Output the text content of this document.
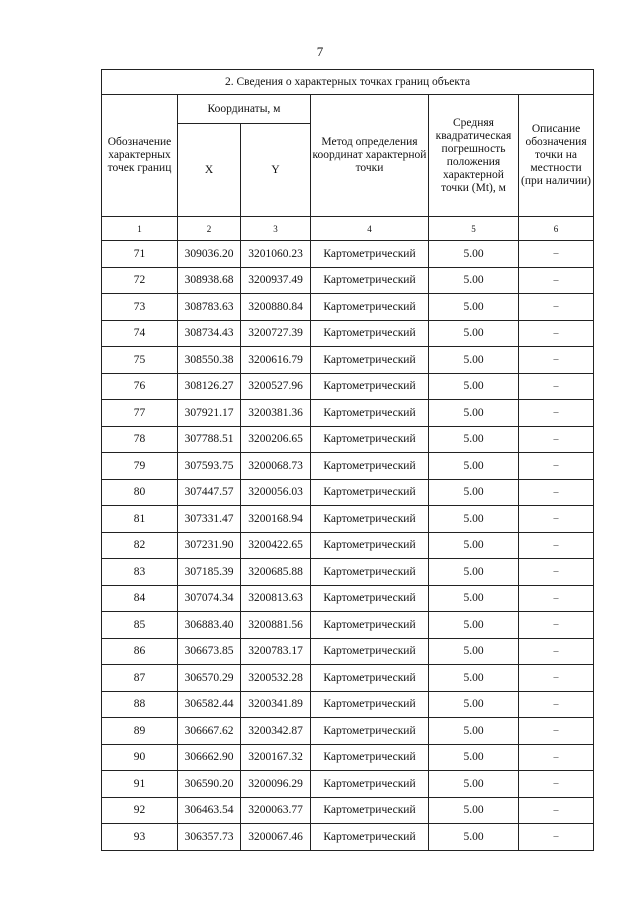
7
2. Сведения о характерных точках границ объекта					
Обозначение характерных точек границ	Координаты, м		Метод определения координат характерной точки	Средняя квадратическая погрешность положения характерной точки (Мt), м	Описание обозначения точки на местности (при наличии)
	X	Y			
1	2	3	4	5	6
71	309036.20	3201060.23	Картометрический	5.00	–
72	308938.68	3200937.49	Картометрический	5.00	–
73	308783.63	3200880.84	Картометрический	5.00	–
74	308734.43	3200727.39	Картометрический	5.00	–
75	308550.38	3200616.79	Картометрический	5.00	–
76	308126.27	3200527.96	Картометрический	5.00	–
77	307921.17	3200381.36	Картометрический	5.00	–
78	307788.51	3200206.65	Картометрический	5.00	–
79	307593.75	3200068.73	Картометрический	5.00	–
80	307447.57	3200056.03	Картометрический	5.00	–
81	307331.47	3200168.94	Картометрический	5.00	–
82	307231.90	3200422.65	Картометрический	5.00	–
83	307185.39	3200685.88	Картометрический	5.00	–
84	307074.34	3200813.63	Картометрический	5.00	–
85	306883.40	3200881.56	Картометрический	5.00	–
86	306673.85	3200783.17	Картометрический	5.00	–
87	306570.29	3200532.28	Картометрический	5.00	–
88	306582.44	3200341.89	Картометрический	5.00	–
89	306667.62	3200342.87	Картометрический	5.00	–
90	306662.90	3200167.32	Картометрический	5.00	–
91	306590.20	3200096.29	Картометрический	5.00	–
92	306463.54	3200063.77	Картометрический	5.00	–
93	306357.73	3200067.46	Картометрический	5.00	–
